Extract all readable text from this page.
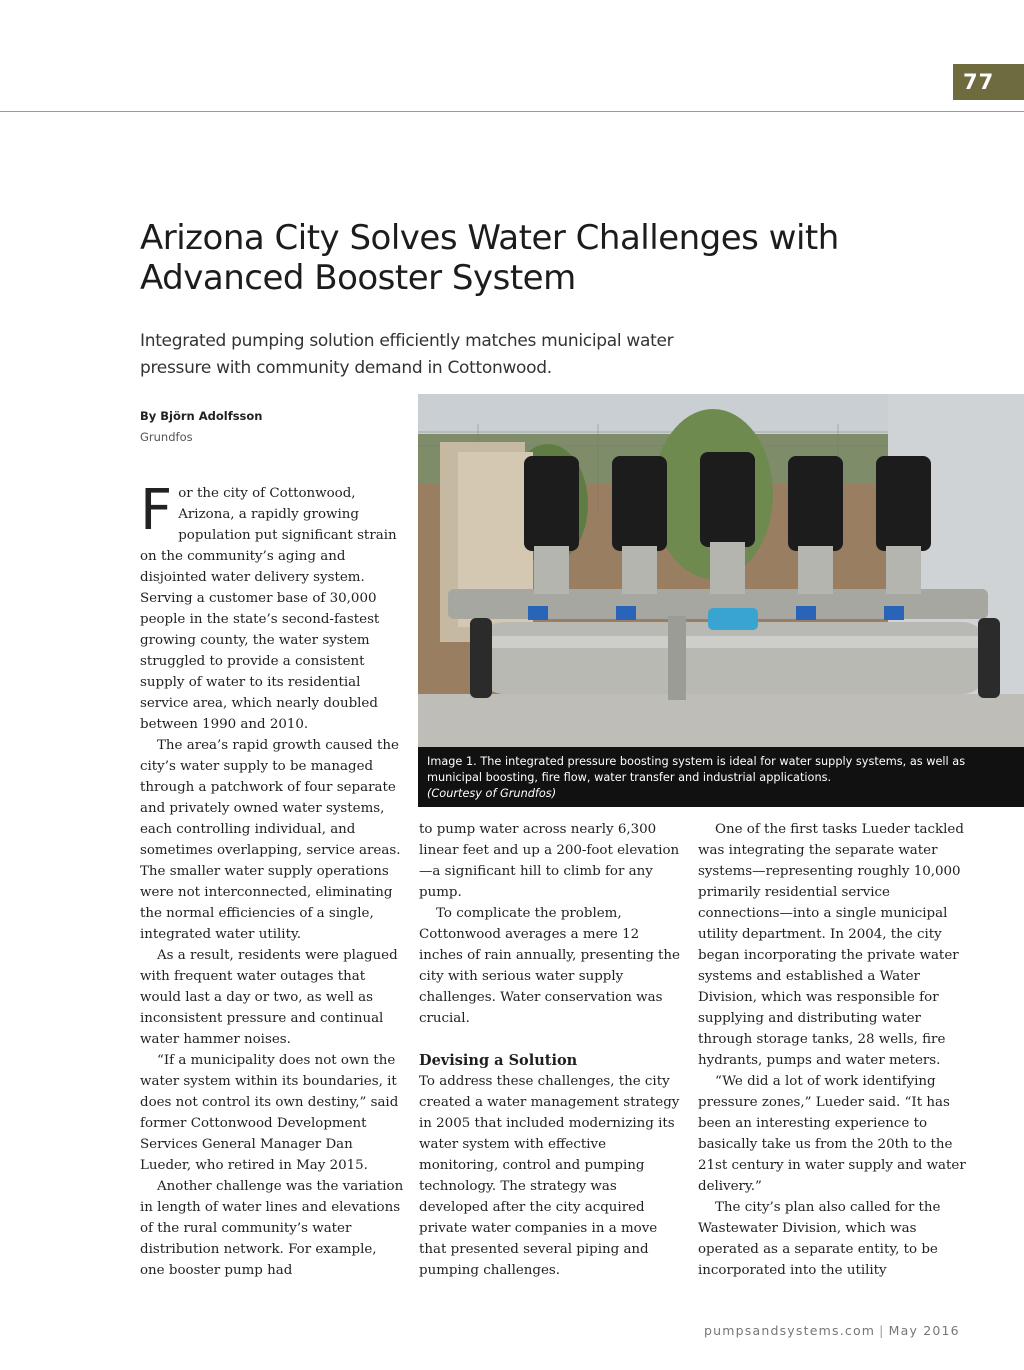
77
Arizona City Solves Water Challenges with Advanced Booster System

Integrated pumping solution efficiently matches municipal water pressure with community demand in Cottonwood.

By Björn Adolfsson
Grundfos
Image 1. The integrated pressure boosting system is ideal for water supply systems, as well as municipal boosting, fire flow, water transfer and industrial applications.
(Courtesy of Grundfos)

For the city of Cottonwood, Arizona, a rapidly growing population put significant strain on the community’s aging and disjointed water delivery system. Serving a customer base of 30,000 people in the state’s second-fastest growing county, the water system struggled to provide a consistent supply of water to its residential service area, which nearly doubled between 1990 and 2010.

The area’s rapid growth caused the city’s water supply to be managed through a patchwork of four separate and privately owned water systems, each controlling individual, and sometimes overlapping, service areas. The smaller water supply operations were not interconnected, eliminating the normal efficiencies of a single, integrated water utility.

As a result, residents were plagued with frequent water outages that would last a day or two, as well as inconsistent pressure and continual water hammer noises.

“If a municipality does not own the water system within its boundaries, it does not control its own destiny,” said former Cottonwood Development Services General Manager Dan Lueder, who retired in May 2015.

Another challenge was the variation in length of water lines and elevations of the rural community’s water distribution network. For example, one booster pump had

to pump water across nearly 6,300 linear feet and up a 200-foot elevation—a significant hill to climb for any pump.

To complicate the problem, Cottonwood averages a mere 12 inches of rain annually, presenting the city with serious water supply challenges. Water conservation was crucial.

Devising a Solution

To address these challenges, the city created a water management strategy in 2005 that included modernizing its water system with effective monitoring, control and pumping technology. The strategy was developed after the city acquired private water companies in a move that presented several piping and pumping challenges.

One of the first tasks Lueder tackled was integrating the separate water systems—representing roughly 10,000 primarily residential service connections—into a single municipal utility department. In 2004, the city began incorporating the private water systems and established a Water Division, which was responsible for supplying and distributing water through storage tanks, 28 wells, fire hydrants, pumps and water meters.

“We did a lot of work identifying pressure zones,” Lueder said. “It has been an interesting experience to basically take us from the 20th to the 21st century in water supply and water delivery.”

The city’s plan also called for the Wastewater Division, which was operated as a separate entity, to be incorporated into the utility

pumpsandsystems.com | May 2016
